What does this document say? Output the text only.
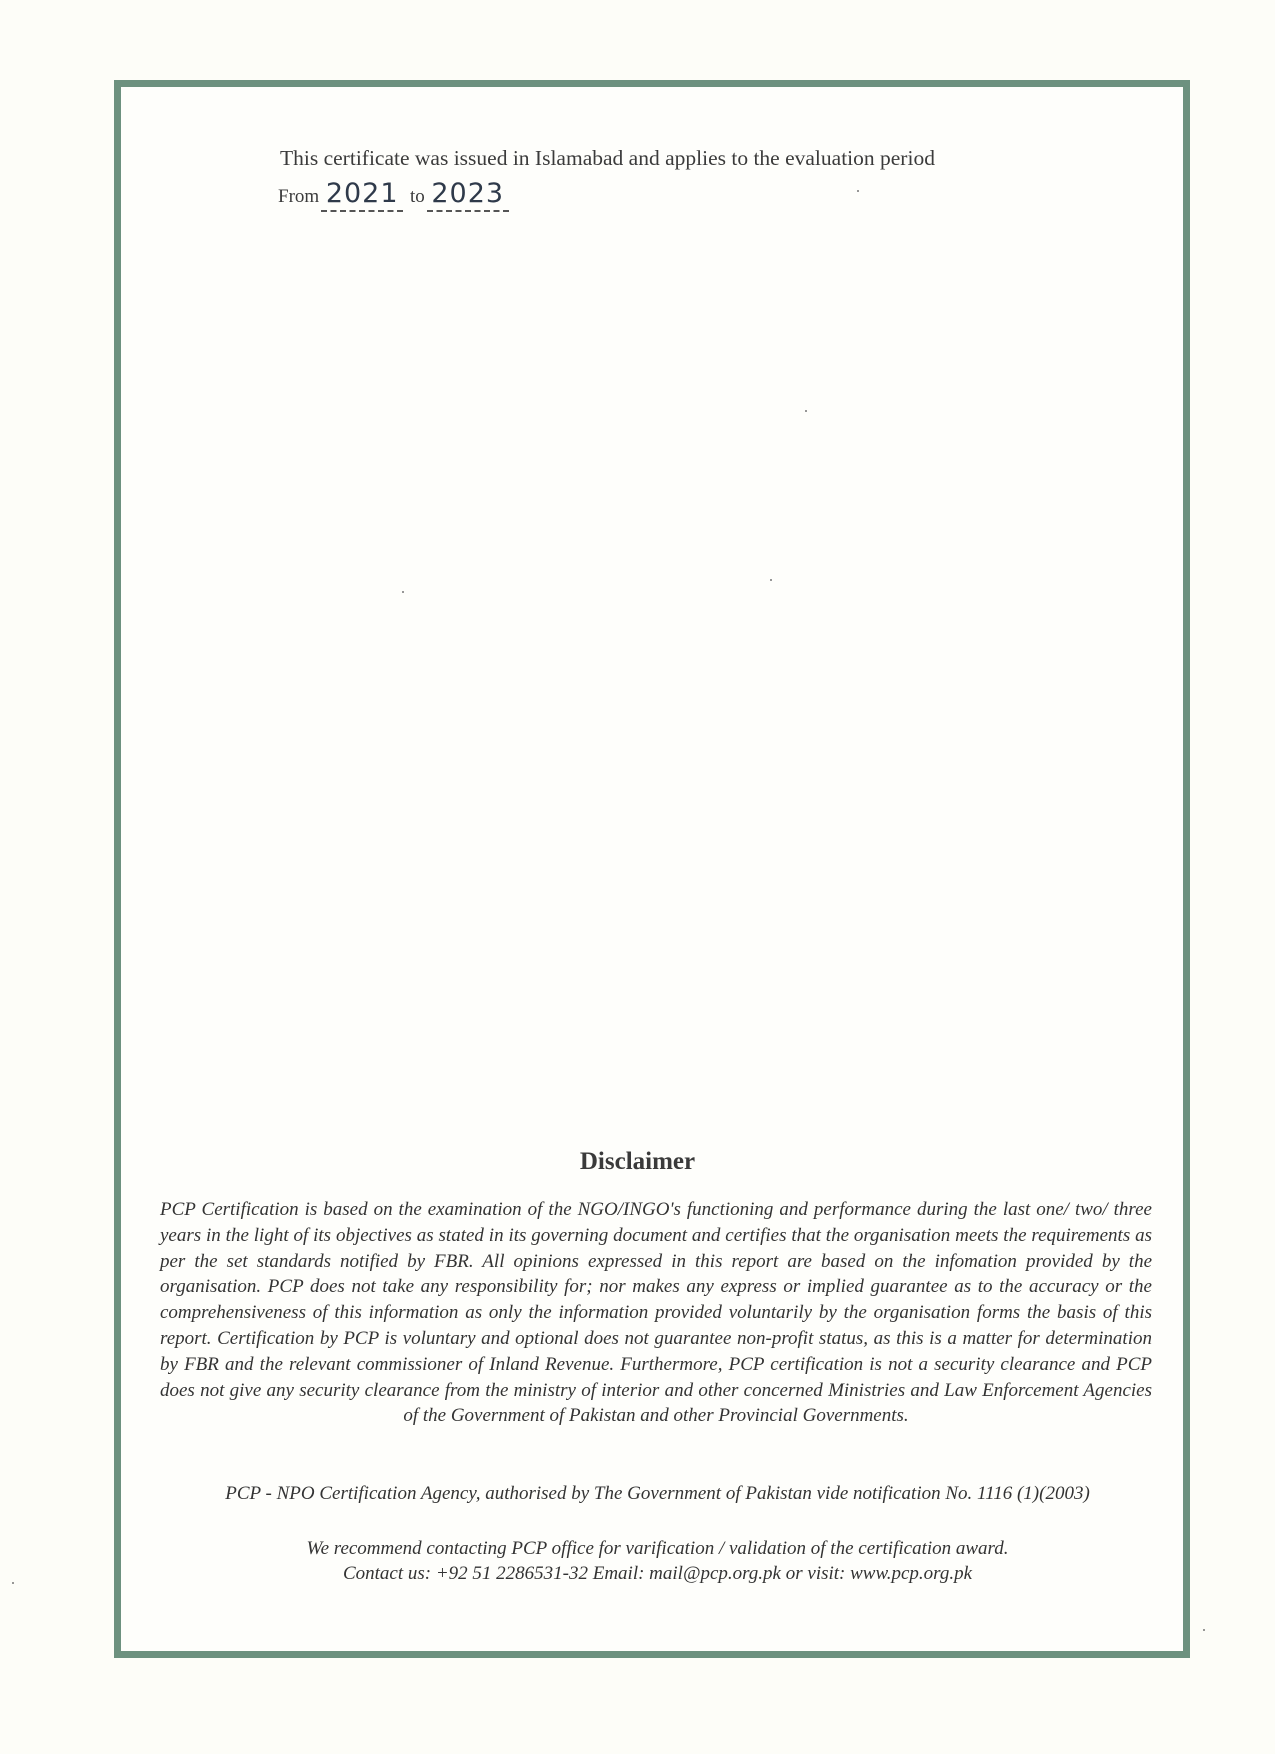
This certificate was issued in Islamabad and applies to the evaluation period
From 2021 to 2023
Disclaimer
PCP Certification is based on the examination of the NGO/INGO's functioning and performance during the last one/ two/ three years in the light of its objectives as stated in its governing document and certifies that the organisation meets the requirements as per the set standards notified by FBR. All opinions expressed in this report are based on the infomation provided by the organisation. PCP does not take any responsibility for; nor makes any express or implied guarantee as to the accuracy or the comprehensiveness of this information as only the information provided voluntarily by the organisation forms the basis of this report. Certification by PCP is voluntary and optional does not guarantee non-profit status, as this is a matter for determination by FBR and the relevant commissioner of Inland Revenue. Furthermore, PCP certification is not a security clearance and PCP does not give any security clearance from the ministry of interior and other concerned Ministries and Law Enforcement Agencies of the Government of Pakistan and other Provincial Governments.
PCP - NPO Certification Agency, authorised by The Government of Pakistan vide notification No. 1116 (1)(2003)
We recommend contacting PCP office for varification / validation of the certification award.
Contact us: +92 51 2286531-32 Email: mail@pcp.org.pk or visit: www.pcp.org.pk
